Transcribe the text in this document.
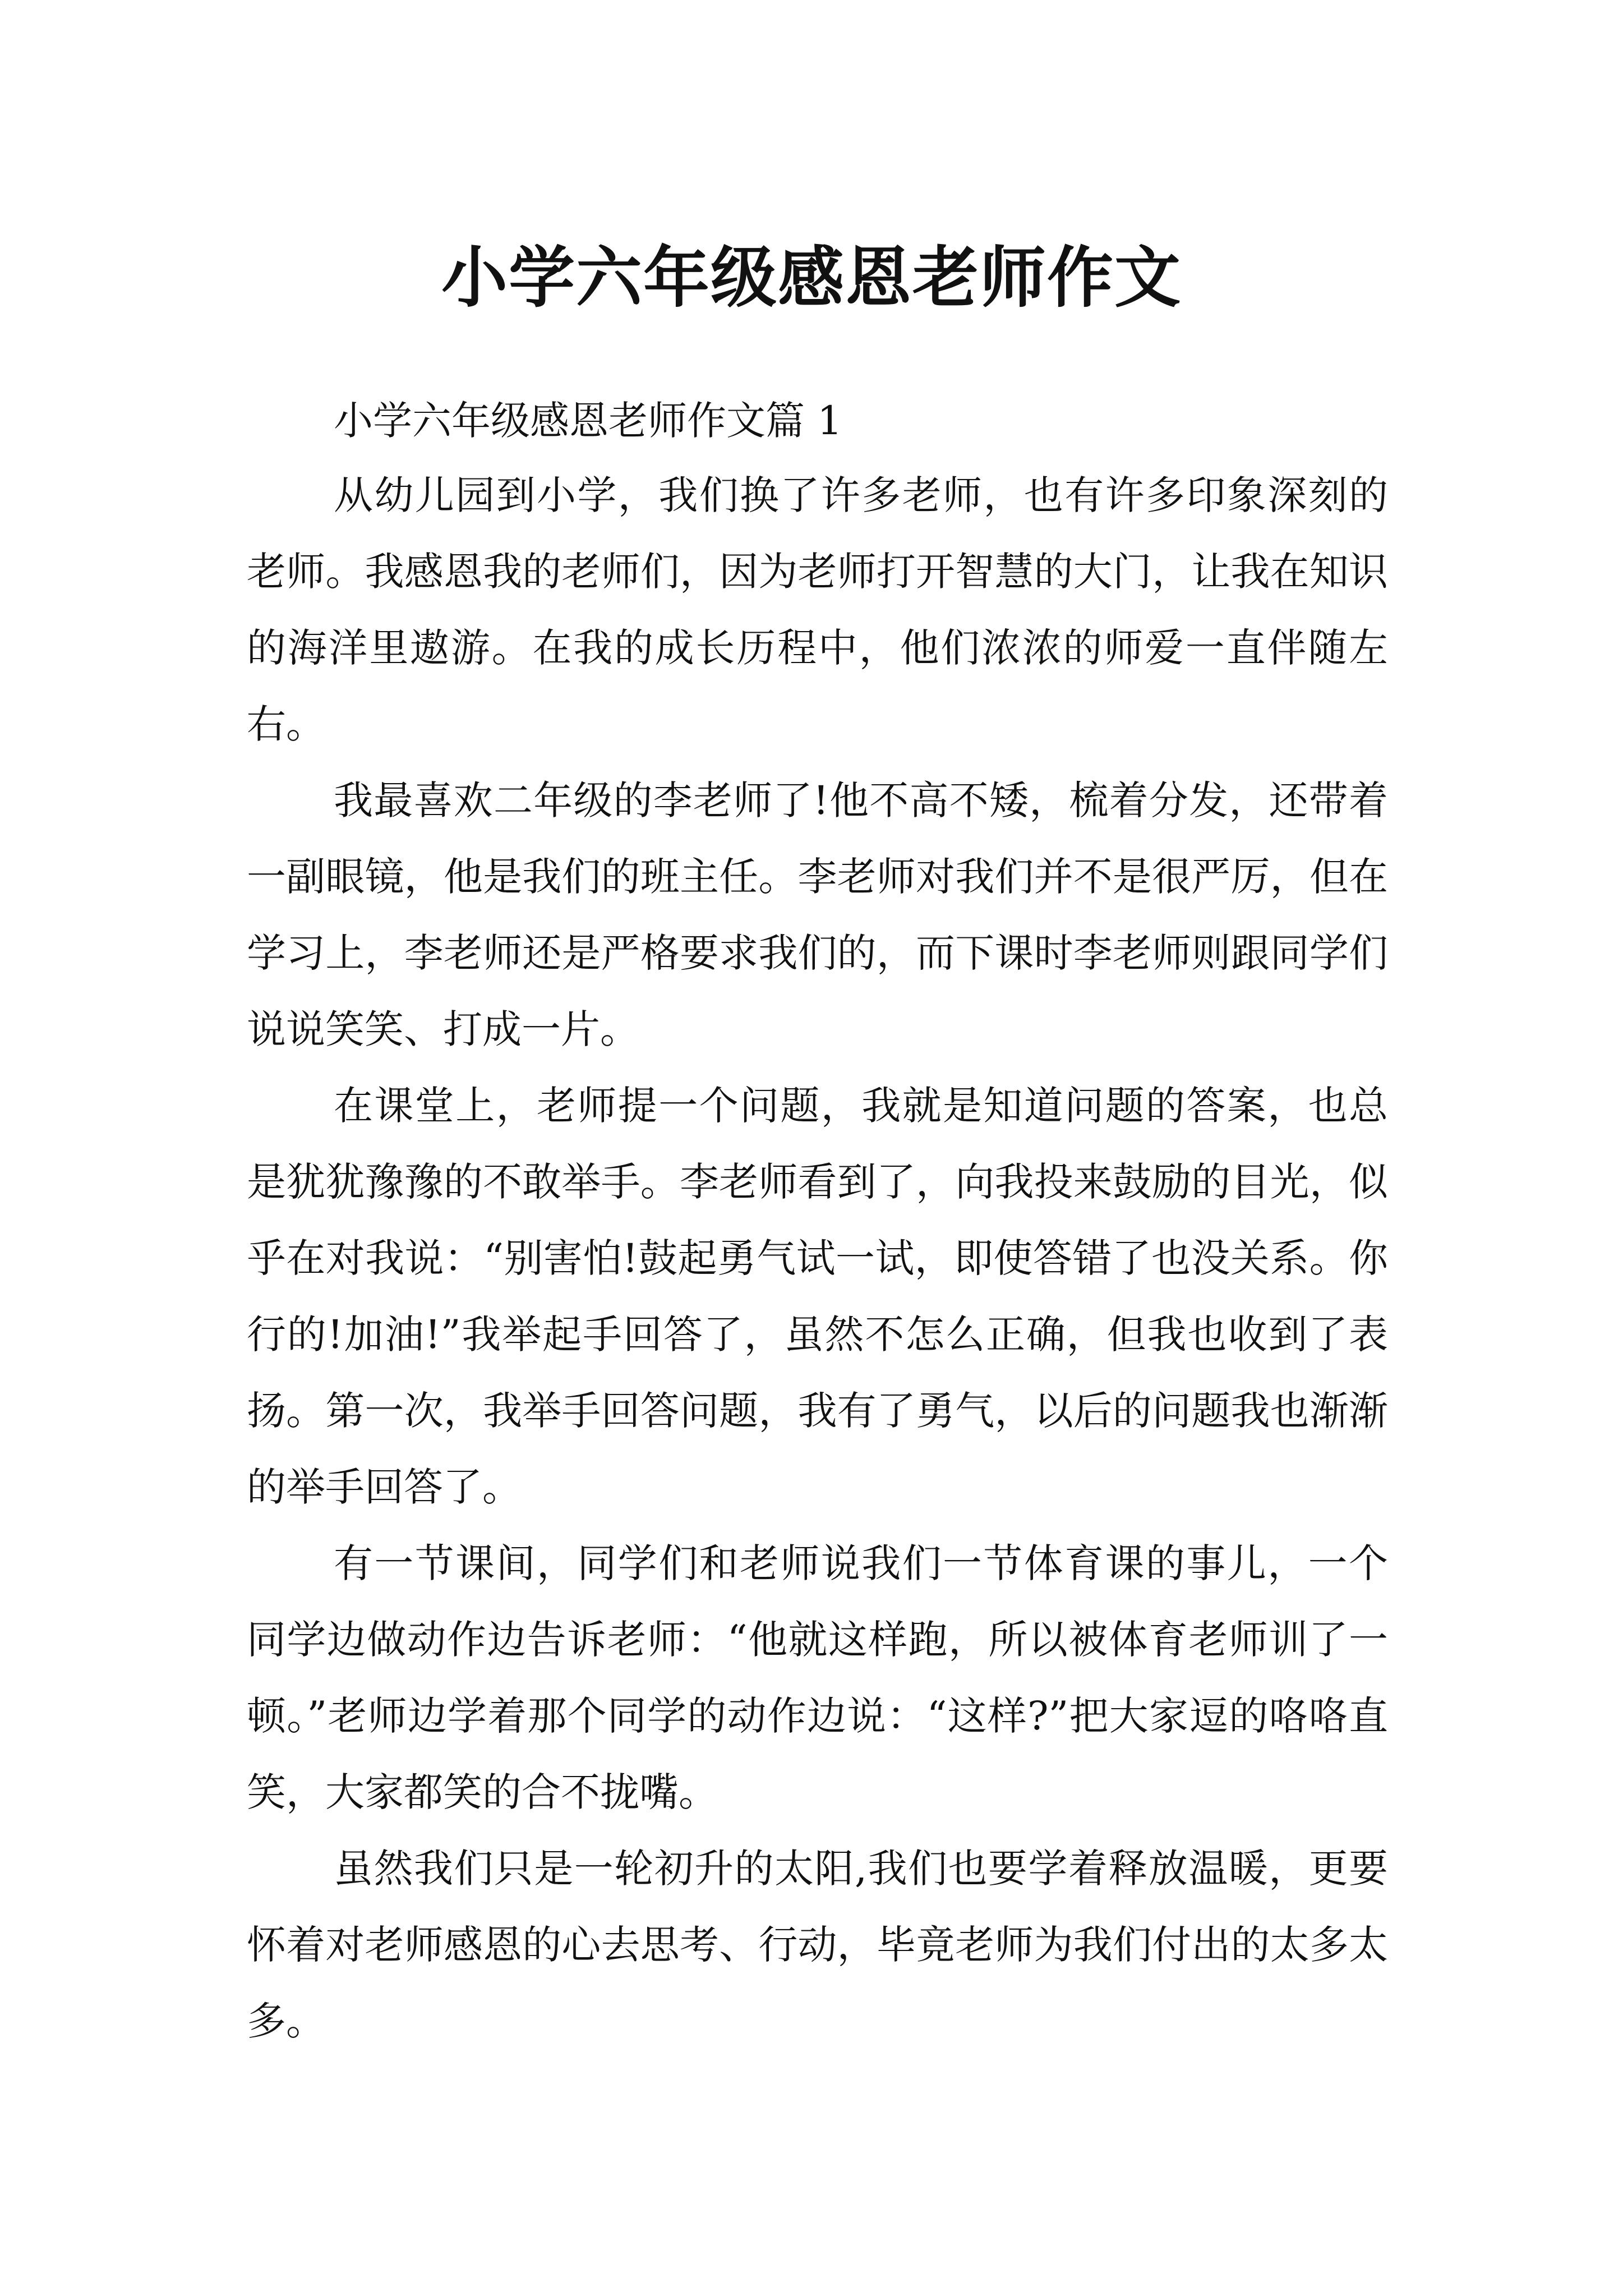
小学六年级感恩老师作文

小学六年级感恩老师作文篇 1

从幼儿园到小学，我们换了许多老师，也有许多印象深刻的老师。我感恩我的老师们，因为老师打开智慧的大门，让我在知识的海洋里遨游。在我的成长历程中，他们浓浓的师爱一直伴随左右。

我最喜欢二年级的李老师了!他不高不矮，梳着分发，还带着一副眼镜，他是我们的班主任。李老师对我们并不是很严厉，但在学习上，李老师还是严格要求我们的，而下课时李老师则跟同学们说说笑笑、打成一片。

在课堂上，老师提一个问题，我就是知道问题的答案，也总是犹犹豫豫的不敢举手。李老师看到了，向我投来鼓励的目光，似乎在对我说：“别害怕!鼓起勇气试一试，即使答错了也没关系。你行的!加油!”我举起手回答了，虽然不怎么正确，但我也收到了表扬。第一次，我举手回答问题，我有了勇气，以后的问题我也渐渐的举手回答了。

有一节课间，同学们和老师说我们一节体育课的事儿，一个同学边做动作边告诉老师：“他就这样跑，所以被体育老师训了一顿。”老师边学着那个同学的动作边说：“这样?”把大家逗的咯咯直笑，大家都笑的合不拢嘴。

虽然我们只是一轮初升的太阳,我们也要学着释放温暖，更要怀着对老师感恩的心去思考、行动，毕竟老师为我们付出的太多太多。
